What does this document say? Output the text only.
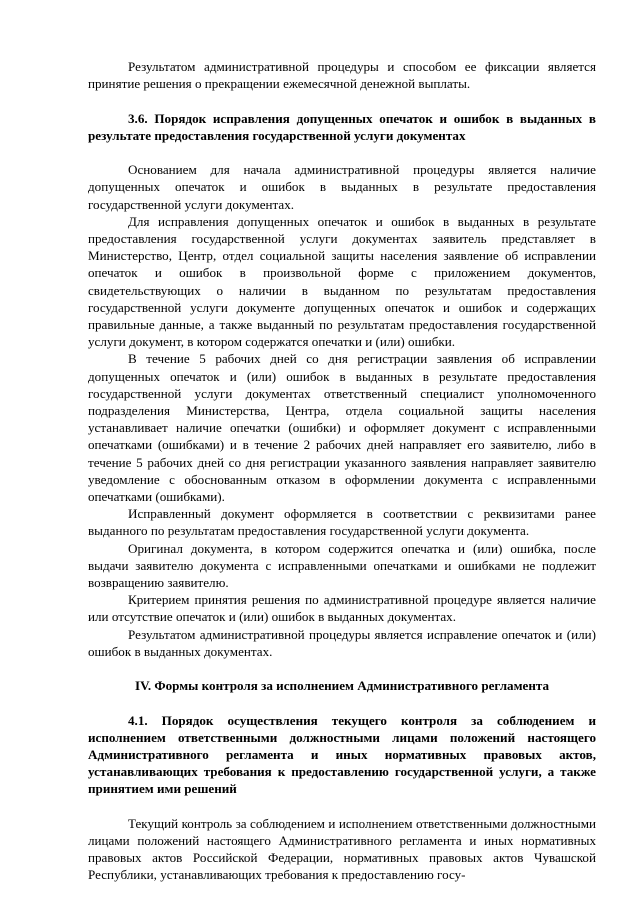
Результатом административной процедуры и способом ее фиксации является принятие решения о прекращении ежемесячной денежной выплаты.

3.6. Порядок исправления допущенных опечаток и ошибок в выданных в результате предоставления государственной услуги документах

Основанием для начала административной процедуры является наличие допущенных опечаток и ошибок в выданных в результате предоставления государственной услуги документах.

Для исправления допущенных опечаток и ошибок в выданных в результате предоставления государственной услуги документах заявитель представляет в Министерство, Центр, отдел социальной защиты населения заявление об исправлении опечаток и ошибок в произвольной форме с приложением документов, свидетельствующих о наличии в выданном по результатам предоставления государственной услуги документе допущенных опечаток и ошибок и содержащих правильные данные, а также выданный по результатам предоставления государственной услуги документ, в котором содержатся опечатки и (или) ошибки.

В течение 5 рабочих дней со дня регистрации заявления об исправлении допущенных опечаток и (или) ошибок в выданных в результате предоставления государственной услуги документах ответственный специалист уполномоченного подразделения Министерства, Центра, отдела социальной защиты населения устанавливает наличие опечатки (ошибки) и оформляет документ с исправленными опечатками (ошибками) и в течение 2 рабочих дней направляет его заявителю, либо в течение 5 рабочих дней со дня регистрации указанного заявления направляет заявителю уведомление с обоснованным отказом в оформлении документа с исправленными опечатками (ошибками).

Исправленный документ оформляется в соответствии с реквизитами ранее выданного по результатам предоставления государственной услуги документа.

Оригинал документа, в котором содержится опечатка и (или) ошибка, после выдачи заявителю документа с исправленными опечатками и ошибками не подлежит возвращению заявителю.

Критерием принятия решения по административной процедуре является наличие или отсутствие опечаток и (или) ошибок в выданных документах.

Результатом административной процедуры является исправление опечаток и (или) ошибок в выданных документах.

IV. Формы контроля за исполнением Административного регламента
4.1. Порядок осуществления текущего контроля за соблюдением и исполнением ответственными должностными лицами положений настоящего Административного регламента и иных нормативных правовых актов, устанавливающих требования к предоставлению государственной услуги, а также принятием ими решений

Текущий контроль за соблюдением и исполнением ответственными должностными лицами положений настоящего Административного регламента и иных нормативных правовых актов Российской Федерации, нормативных правовых актов Чувашской Республики, устанавливающих требования к предоставлению госу-
